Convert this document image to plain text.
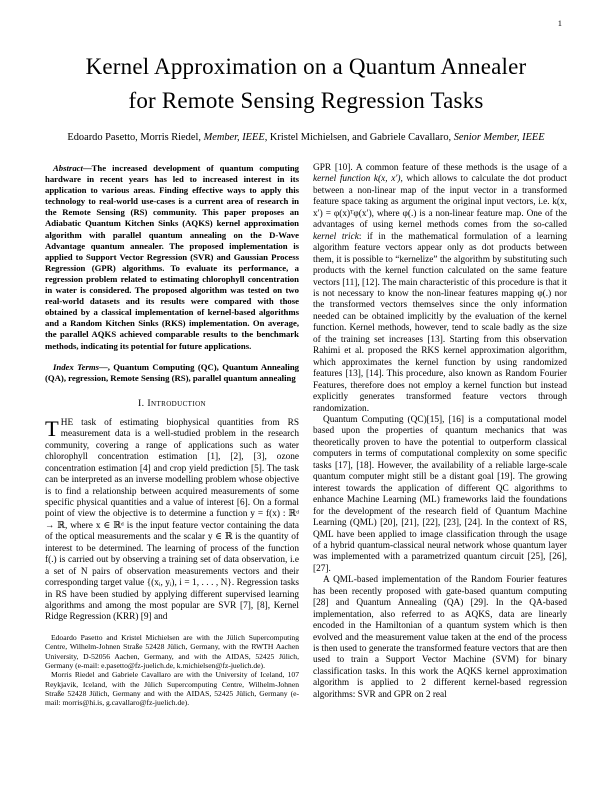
1
Kernel Approximation on a Quantum Annealer
for Remote Sensing Regression Tasks
Edoardo Pasetto, Morris Riedel, Member, IEEE, Kristel Michielsen, and Gabriele Cavallaro, Senior Member, IEEE

Abstract—The increased development of quantum computing hardware in recent years has led to increased interest in its application to various areas. Finding effective ways to apply this technology to real-world use-cases is a current area of research in the Remote Sensing (RS) community. This paper proposes an Adiabatic Quantum Kitchen Sinks (AQKS) kernel approximation algorithm with parallel quantum annealing on the D-Wave Advantage quantum annealer. The proposed implementation is applied to Support Vector Regression (SVR) and Gaussian Process Regression (GPR) algorithms. To evaluate its performance, a regression problem related to estimating chlorophyll concentration in water is considered. The proposed algorithm was tested on two real-world datasets and its results were compared with those obtained by a classical implementation of kernel-based algorithms and a Random Kitchen Sinks (RKS) implementation. On average, the parallel AQKS achieved comparable results to the benchmark methods, indicating its potential for future applications.

Index Terms—, Quantum Computing (QC), Quantum Annealing (QA), regression, Remote Sensing (RS), parallel quantum annealing

I. Introduction

THE task of estimating biophysical quantities from RS measurement data is a well-studied problem in the research community, covering a range of applications such as water chlorophyll concentration estimation [1], [2], [3], ozone concentration estimation [4] and crop yield prediction [5]. The task can be interpreted as an inverse modelling problem whose objective is to find a relationship between acquired measurements of some specific physical quantities and a value of interest [6]. On a formal point of view the objective is to determine a function y = f(x) : ℝᵈ → ℝ, where x ∈ ℝᵈ is the input feature vector containing the data of the optical measurements and the scalar y ∈ ℝ is the quantity of interest to be determined. The learning of process of the function f(.) is carried out by observing a training set of data observation, i.e a set of N pairs of observation measurements vectors and their corresponding target value {(xᵢ, yᵢ), i = 1, . . . , N}. Regression tasks in RS have been studied by applying different supervised learning algorithms and among the most popular are SVR [7], [8], Kernel Ridge Regression (KRR) [9] and

Edoardo Pasetto and Kristel Michielsen are with the Jülich Supercomputing Centre, Wilhelm-Johnen Straße 52428 Jülich, Germany, with the RWTH Aachen University, D-52056 Aachen, Germany, and with the AIDAS, 52425 Jülich, Germany (e-mail: e.pasetto@fz-juelich.de, k.michielsen@fz-juelich.de).

Morris Riedel and Gabriele Cavallaro are with the University of Iceland, 107 Reykjavik, Iceland, with the Jülich Supercomputing Centre, Wilhelm-Johnen Straße 52428 Jülich, Germany and with the AIDAS, 52425 Jülich, Germany (e-mail: morris@hi.is, g.cavallaro@fz-juelich.de).

GPR [10]. A common feature of these methods is the usage of a kernel function k(x, x′), which allows to calculate the dot product between a non-linear map of the input vector in a transformed feature space taking as argument the original input vectors, i.e. k(x, x′) = φ(x)ᵀφ(x′), where φ(.) is a non-linear feature map. One of the advantages of using kernel methods comes from the so-called kernel trick: if in the mathematical formulation of a learning algorithm feature vectors appear only as dot products between them, it is possible to “kernelize” the algorithm by substituting such products with the kernel function calculated on the same feature vectors [11], [12]. The main characteristic of this procedure is that it is not necessary to know the non-linear features mapping φ(.) nor the transformed vectors themselves since the only information needed can be obtained implicitly by the evaluation of the kernel function. Kernel methods, however, tend to scale badly as the size of the training set increases [13]. Starting from this observation Rahimi et al. proposed the RKS kernel approximation algorithm, which approximates the kernel function by using randomized features [13], [14]. This procedure, also known as Random Fourier Features, therefore does not employ a kernel function but instead explicitly generates transformed feature vectors through randomization.

Quantum Computing (QC)[15], [16] is a computational model based upon the properties of quantum mechanics that was theoretically proven to have the potential to outperform classical computers in terms of computational complexity on some specific tasks [17], [18]. However, the availability of a reliable large-scale quantum computer might still be a distant goal [19]. The growing interest towards the application of different QC algorithms to enhance Machine Learning (ML) frameworks laid the foundations for the development of the research field of Quantum Machine Learning (QML) [20], [21], [22], [23], [24]. In the context of RS, QML have been applied to image classification through the usage of a hybrid quantum-classical neural network whose quantum layer was implemented with a parametrized quantum circuit [25], [26], [27].

A QML-based implementation of the Random Fourier features has been recently proposed with gate-based quantum computing [28] and Quantum Annealing (QA) [29]. In the QA-based implementation, also referred to as AQKS, data are linearly encoded in the Hamiltonian of a quantum system which is then evolved and the measurement value taken at the end of the process is then used to generate the transformed feature vectors that are then used to train a Support Vector Machine (SVM) for binary classification tasks. In this work the AQKS kernel approximation algorithm is applied to 2 different kernel-based regression algorithms: SVR and GPR on 2 real
